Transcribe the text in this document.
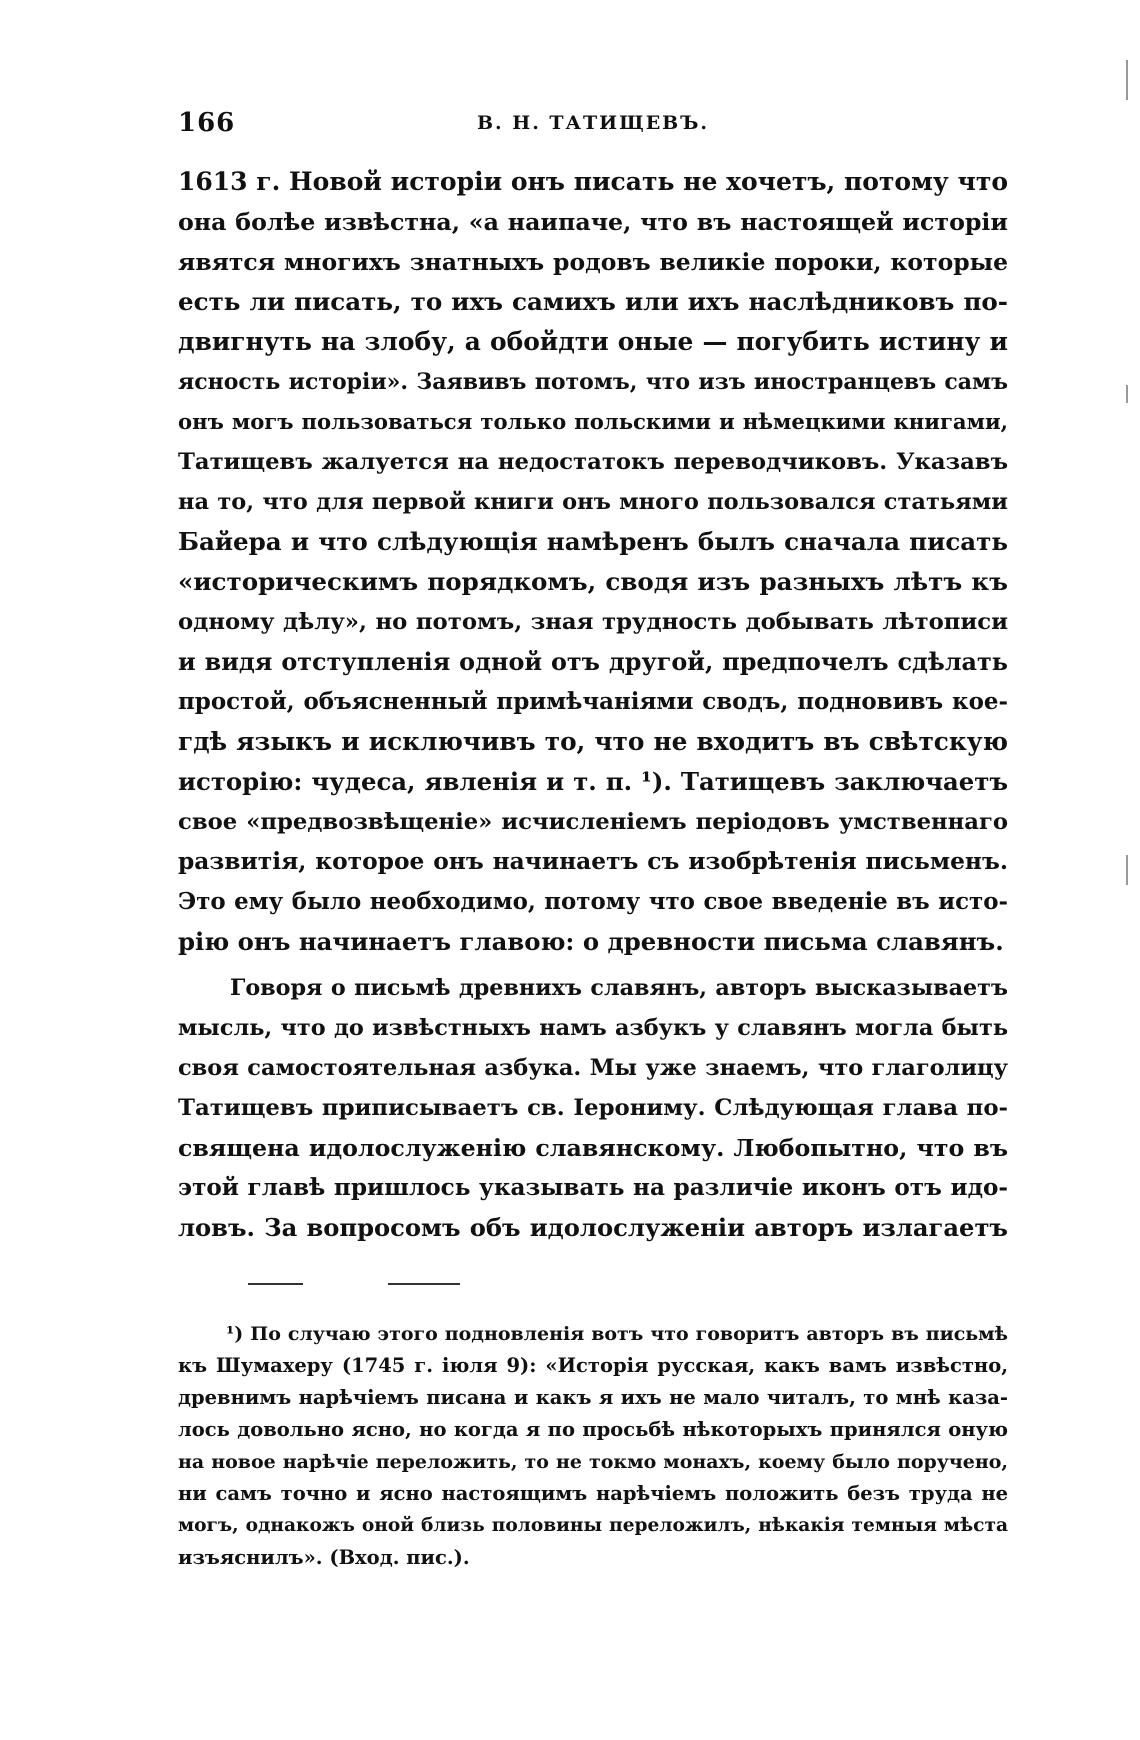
166	В. Н. ТАТИЩЕВЪ.
1613 г. Новой исторіи онъ писать не хочетъ, потому что
она болѣе извѣстна, «а наипаче, что въ настоящей исторіи
явятся многихъ знатныхъ родовъ великіе пороки, которые
есть ли писать, то ихъ самихъ или ихъ наслѣдниковъ по-
двигнуть на злобу, а обойдти оные — погубить истину и
ясность исторіи». Заявивъ потомъ, что изъ иностранцевъ самъ
онъ могъ пользоваться только польскими и нѣмецкими книгами,
Татищевъ жалуется на недостатокъ переводчиковъ. Указавъ
на то, что для первой книги онъ много пользовался статьями
Байера и что слѣдующія намѣренъ былъ сначала писать
«историческимъ порядкомъ, сводя изъ разныхъ лѣтъ къ
одному дѣлу», но потомъ, зная трудность добывать лѣтописи
и видя отступленія одной отъ другой, предпочелъ сдѣлать
простой, объясненный примѣчаніями сводъ, подновивъ кое-
гдѣ языкъ и исключивъ то, что не входитъ въ свѣтскую
исторію: чудеса, явленія и т. п. ¹). Татищевъ заключаетъ
свое «предвозвѣщеніе» исчисленіемъ періодовъ умственнаго
развитія, которое онъ начинаетъ съ изобрѣтенія письменъ.
Это ему было необходимо, потому что свое введеніе въ исто-
рію онъ начинаетъ главою: о древности письма славянъ.
Говоря о письмѣ древнихъ славянъ, авторъ высказываетъ
мысль, что до извѣстныхъ намъ азбукъ у славянъ могла быть
своя самостоятельная азбука. Мы уже знаемъ, что глаголицу
Татищевъ приписываетъ св. Іерониму. Слѣдующая глава по-
священа идолослуженію славянскому. Любопытно, что въ
этой главѣ пришлось указывать на различіе иконъ отъ идо-
ловъ. За вопросомъ объ идолослуженіи авторъ излагаетъ
¹) По случаю этого подновленія вотъ что говоритъ авторъ въ письмѣ
къ Шумахеру (1745 г. іюля 9): «Исторія русская, какъ вамъ извѣстно,
древнимъ нарѣчіемъ писана и какъ я ихъ не мало читалъ, то мнѣ каза-
лось довольно ясно, но когда я по просьбѣ нѣкоторыхъ принялся оную
на новое нарѣчіе переложить, то не токмо монахъ, коему было поручено,
ни самъ точно и ясно настоящимъ нарѣчіемъ положить безъ труда не
могъ, однакожъ оной близь половины переложилъ, нѣкакія темныя мѣста
изъяснилъ». (Вход. пис.).
